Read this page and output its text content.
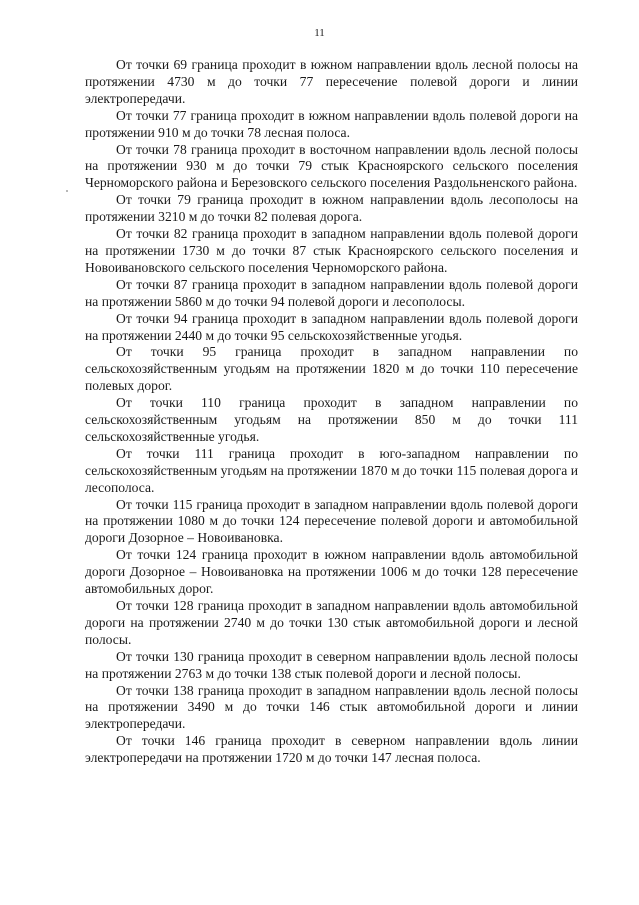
11

От точки 69 граница проходит в южном направлении вдоль лесной полосы на протяжении 4730 м до точки 77 пересечение полевой дороги и линии электропередачи.

От точки 77 граница проходит в южном направлении вдоль полевой дороги на протяжении 910 м до точки 78 лесная полоса.

От точки 78 граница проходит в восточном направлении вдоль лесной полосы на протяжении 930 м до точки 79 стык Красноярского сельского поселения Черноморского района и Березовского сельского поселения Раздольненского района.

От точки 79 граница проходит в южном направлении вдоль лесополосы на протяжении 3210 м до точки 82 полевая дорога.

От точки 82 граница проходит в западном направлении вдоль полевой дороги на протяжении 1730 м до точки 87 стык Красноярского сельского поселения и Новоивановского сельского поселения Черноморского района.

От точки 87 граница проходит в западном направлении вдоль полевой дороги на протяжении 5860 м до точки 94 полевой дороги и лесополосы.

От точки 94 граница проходит в западном направлении вдоль полевой дороги на протяжении 2440 м до точки 95 сельскохозяйственные угодья.

От точки 95 граница проходит в западном направлении по сельскохозяйственным угодьям на протяжении 1820 м до точки 110 пересечение полевых дорог.

От точки 110 граница проходит в западном направлении по сельскохозяйственным угодьям на протяжении 850 м до точки 111 сельскохозяйственные угодья.

От точки 111 граница проходит в юго-западном направлении по сельскохозяйственным угодьям на протяжении 1870 м до точки 115 полевая дорога и лесополоса.

От точки 115 граница проходит в западном направлении вдоль полевой дороги на протяжении 1080 м до точки 124 пересечение полевой дороги и автомобильной дороги Дозорное – Новоивановка.

От точки 124 граница проходит в южном направлении вдоль автомобильной дороги Дозорное – Новоивановка на протяжении 1006 м до точки 128 пересечение автомобильных дорог.

От точки 128 граница проходит в западном направлении вдоль автомобильной дороги на протяжении 2740 м до точки 130 стык автомобильной дороги и лесной полосы.

От точки 130 граница проходит в северном направлении вдоль лесной полосы на протяжении 2763 м до точки 138 стык полевой дороги и лесной полосы.

От точки 138 граница проходит в западном направлении вдоль лесной полосы на протяжении 3490 м до точки 146 стык автомобильной дороги и линии электропередачи.

От точки 146 граница проходит в северном направлении вдоль линии электропередачи на протяжении 1720 м до точки 147 лесная полоса.
